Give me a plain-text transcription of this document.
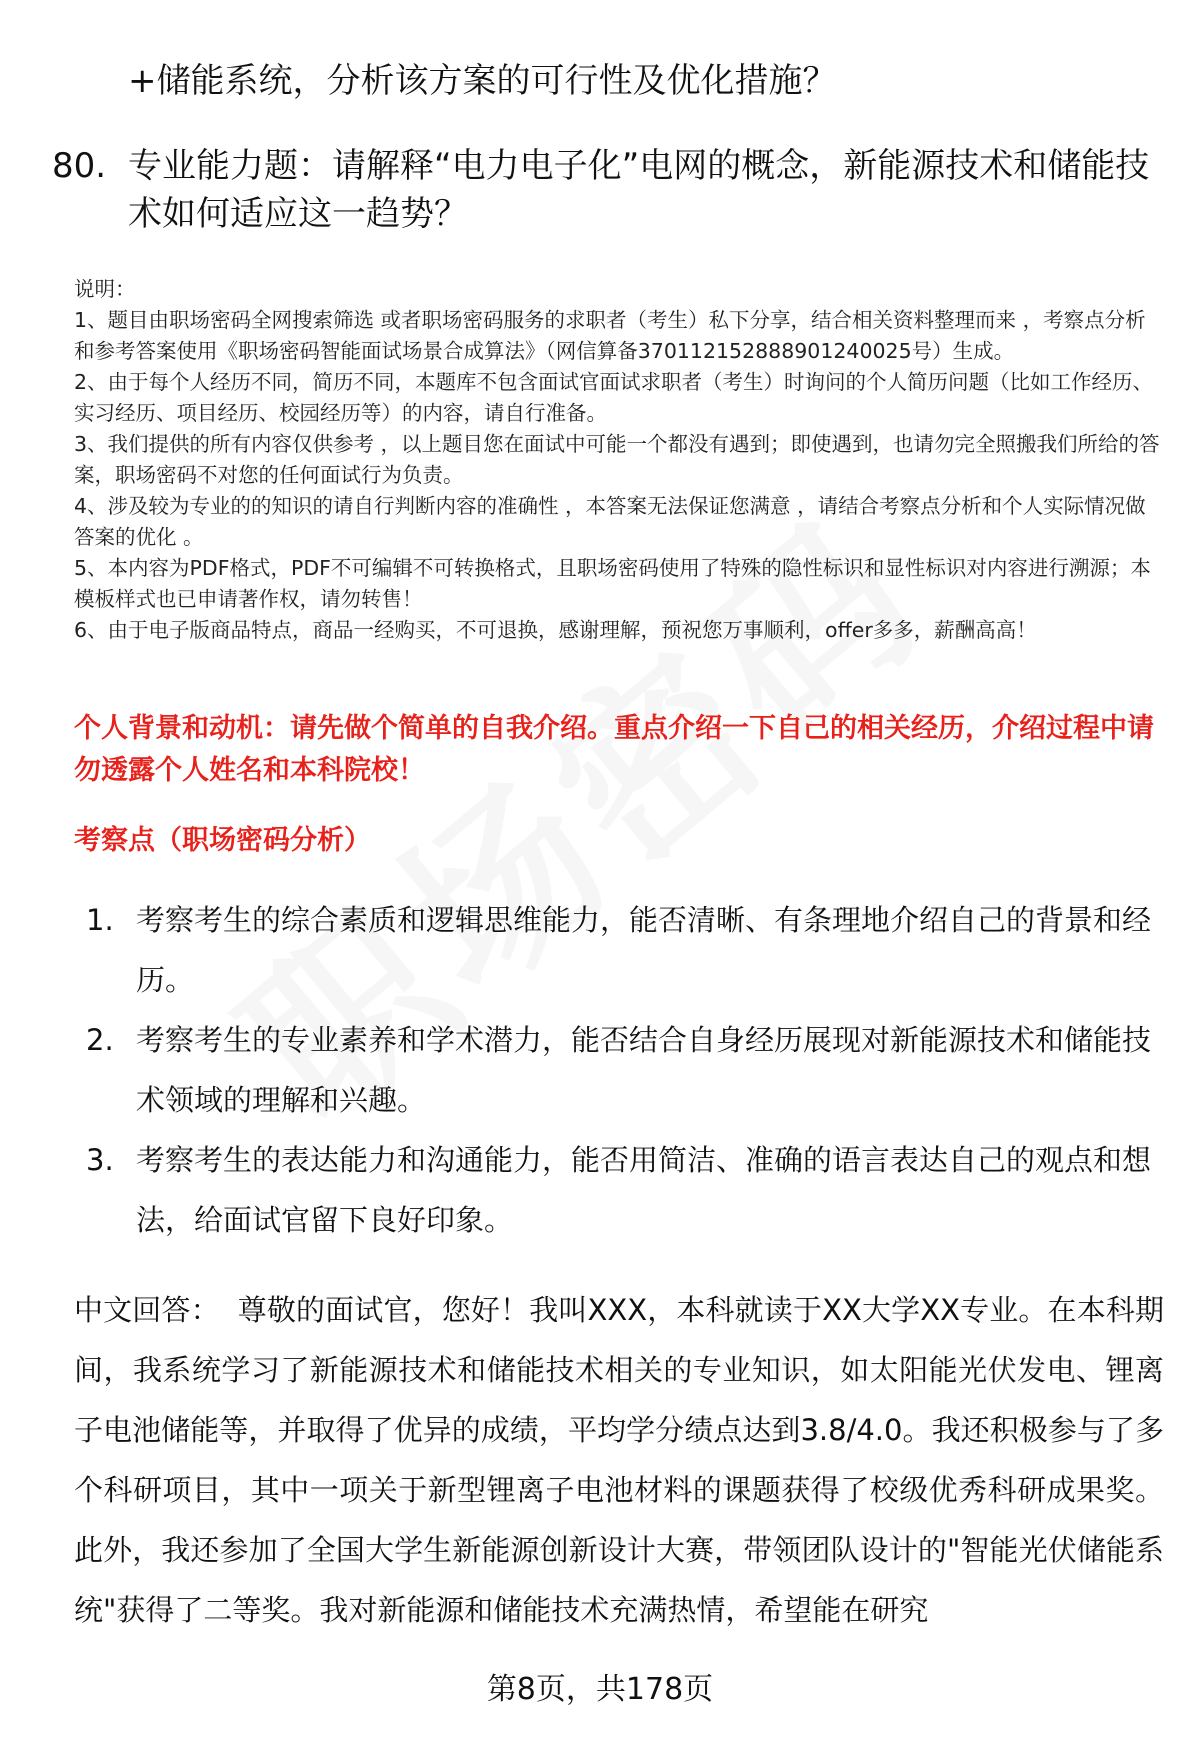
+储能系统，分析该方案的可行性及优化措施？
80. 专业能力题：请解释“电力电子化”电网的概念，新能源技术和储能技术如何适应这一趋势？
说明：
1、题目由职场密码全网搜索筛选 或者职场密码服务的求职者（考生）私下分享，结合相关资料整理而来 ，考察点分析和参考答案使用《职场密码智能面试场景合成算法》（网信算备370112152888901240025号）生成。
2、由于每个人经历不同，简历不同，本题库不包含面试官面试求职者（考生）时询问的个人简历问题（比如工作经历、实习经历、项目经历、校园经历等）的内容，请自行准备。
3、我们提供的所有内容仅供参考 ，以上题目您在面试中可能一个都没有遇到；即使遇到，也请勿完全照搬我们所给的答案，职场密码不对您的任何面试行为负责。
4、涉及较为专业的的知识的请自行判断内容的准确性 ，本答案无法保证您满意 ，请结合考察点分析和个人实际情况做答案的优化 。
5、本内容为PDF格式，PDF不可编辑不可转换格式，且职场密码使用了特殊的隐性标识和显性标识对内容进行溯源；本模板样式也已申请著作权，请勿转售！
6、由于电子版商品特点，商品一经购买，不可退换，感谢理解，预祝您万事顺利，offer多多，薪酬高高！
个人背景和动机：请先做个简单的自我介绍。重点介绍一下自己的相关经历，介绍过程中请勿透露个人姓名和本科院校！
考察点（职场密码分析）
1. 考察考生的综合素质和逻辑思维能力，能否清晰、有条理地介绍自己的背景和经历。
2. 考察考生的专业素养和学术潜力，能否结合自身经历展现对新能源技术和储能技术领域的理解和兴趣。
3. 考察考生的表达能力和沟通能力，能否用简洁、准确的语言表达自己的观点和想法，给面试官留下良好印象。
中文回答： 尊敬的面试官，您好！我叫XXX，本科就读于XX大学XX专业。在本科期间，我系统学习了新能源技术和储能技术相关的专业知识，如太阳能光伏发电、锂离子电池储能等，并取得了优异的成绩，平均学分绩点达到3.8/4.0。我还积极参与了多个科研项目，其中一项关于新型锂离子电池材料的课题获得了校级优秀科研成果奖。此外，我还参加了全国大学生新能源创新设计大赛，带领团队设计的"智能光伏储能系统"获得了二等奖。我对新能源和储能技术充满热情，希望能在研究
第8页，共178页
